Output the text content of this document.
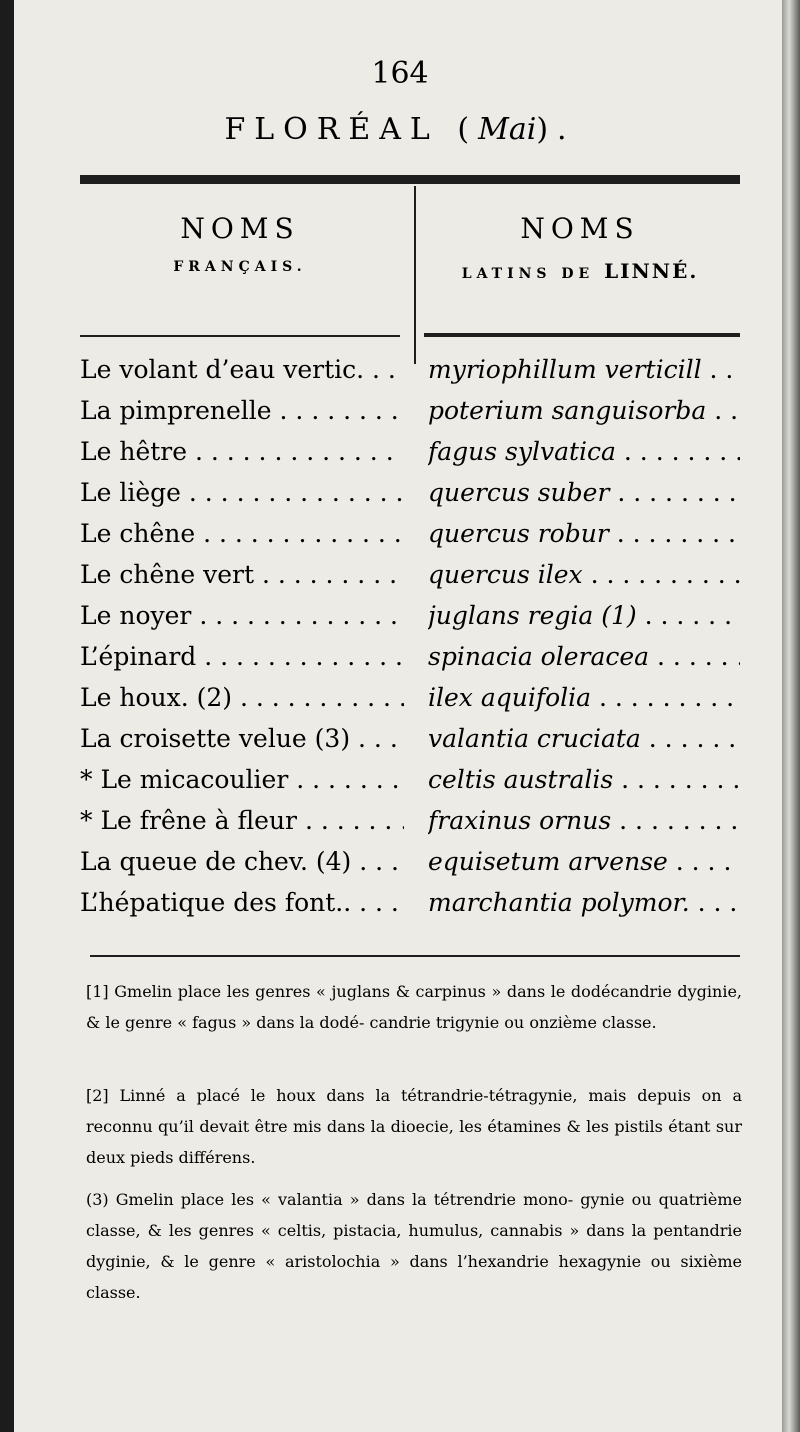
164
FLORÉAL (Mai).
NOMS
FRANÇAIS.
NOMS
LATINS DE LINNÉ.
Le volant d’eau vertic. . . .	myriophillum verticill . . .
La pimprenelle . . .	poterium sanguisorba . . .
Le hêtre . . .	fagus sylvatica . . .
Le liège . . .	quercus suber . . .
Le chêne . . .	quercus robur . . .
Le chêne vert . . .	quercus ilex . . .
Le noyer . . .	juglans regia (1) . . .
L’épinard . . .	spinacia oleracea . . .
Le houx. (2) . . .	ilex aquifolia . . .
La croisette velue (3) . . .	valantia cruciata . . .
* Le micacoulier . . .	celtis australis . . .
* Le frêne à fleur . . .	fraxinus ornus . . .
La queue de chev. (4) . . .	equisetum arvense . . .
L’hépatique des font.. . . .	marchantia polymor. . . .
[1] Gmelin place les genres « juglans & carpinus » dans le dodécandrie dyginie, & le genre « fagus » dans la dodé- candrie trigynie ou onzième classe.
[2] Linné a placé le houx dans la tétrandrie-tétragynie, mais depuis on a reconnu qu’il devait être mis dans la dioecie, les étamines & les pistils étant sur deux pieds différens.
(3) Gmelin place les « valantia » dans la tétrendrie mono- gynie ou quatrième classe, & les genres « celtis, pistacia, humulus, cannabis » dans la pentandrie dyginie, & le genre « aristolochia » dans l’hexandrie hexagynie ou sixième classe.
